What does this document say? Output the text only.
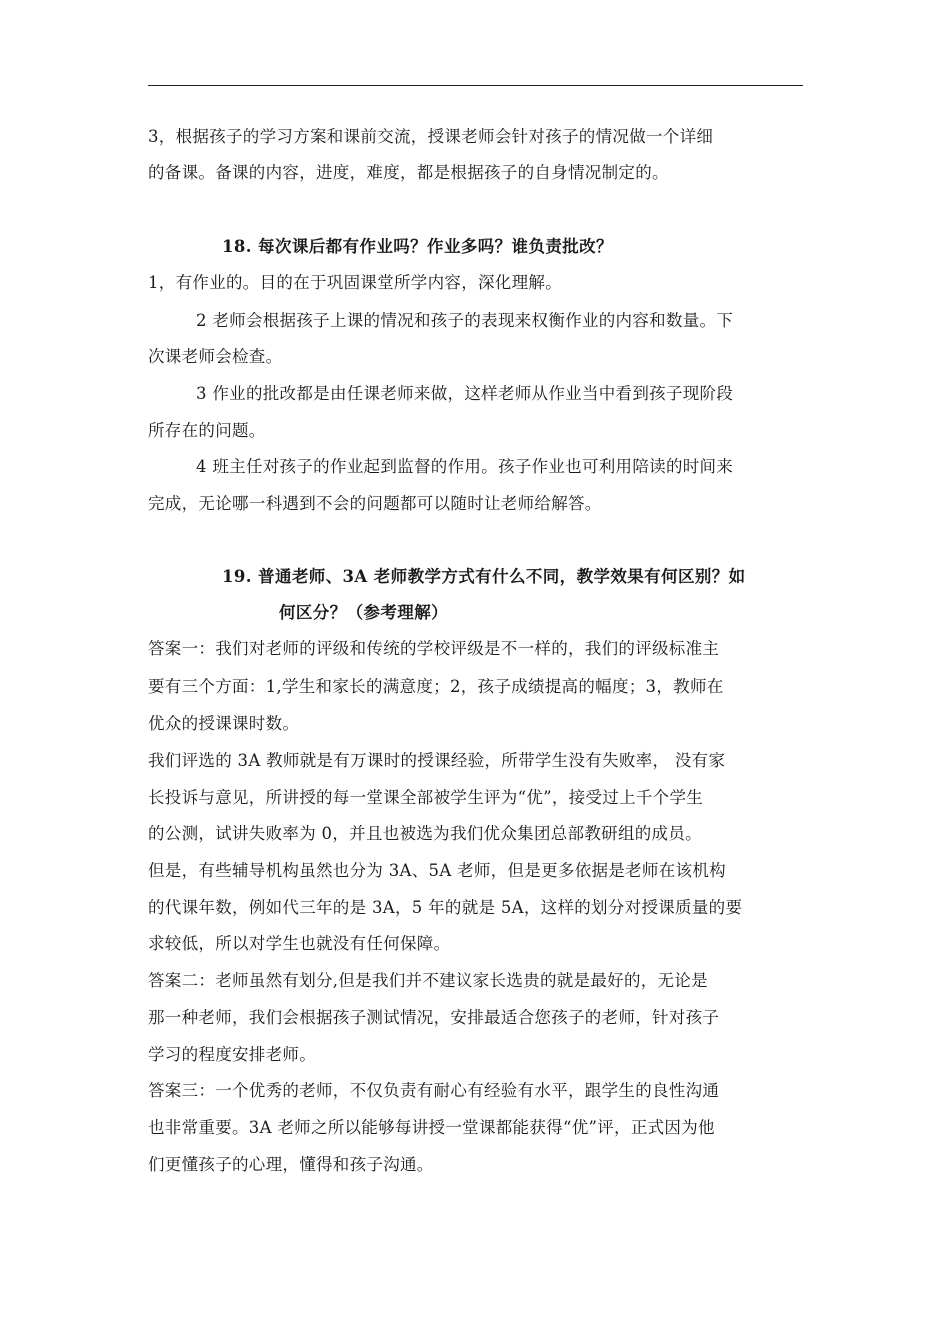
3，根据孩子的学习方案和课前交流，授课老师会针对孩子的情况做一个详细
的备课。备课的内容，进度，难度，都是根据孩子的自身情况制定的。
18. 每次课后都有作业吗？作业多吗？谁负责批改？
1，有作业的。目的在于巩固课堂所学内容，深化理解。
2 老师会根据孩子上课的情况和孩子的表现来权衡作业的内容和数量。下
次课老师会检查。
3 作业的批改都是由任课老师来做，这样老师从作业当中看到孩子现阶段
所存在的问题。
4 班主任对孩子的作业起到监督的作用。孩子作业也可利用陪读的时间来
完成，无论哪一科遇到不会的问题都可以随时让老师给解答。
19. 普通老师、3A 老师教学方式有什么不同，教学效果有何区别？如
何区分？（参考理解）
答案一：我们对老师的评级和传统的学校评级是不一样的，我们的评级标准主
要有三个方面：1,学生和家长的满意度；2，孩子成绩提高的幅度；3，教师在
优众的授课课时数。
我们评选的 3A 教师就是有万课时的授课经验，所带学生没有失败率， 没有家
长投诉与意见，所讲授的每一堂课全部被学生评为“优”，接受过上千个学生
的公测，试讲失败率为 0，并且也被选为我们优众集团总部教研组的成员。
但是，有些辅导机构虽然也分为 3A、5A 老师，但是更多依据是老师在该机构
的代课年数，例如代三年的是 3A，5 年的就是 5A，这样的划分对授课质量的要
求较低，所以对学生也就没有任何保障。
答案二：老师虽然有划分,但是我们并不建议家长选贵的就是最好的，无论是
那一种老师，我们会根据孩子测试情况，安排最适合您孩子的老师，针对孩子
学习的程度安排老师。
答案三：一个优秀的老师，不仅负责有耐心有经验有水平，跟学生的良性沟通
也非常重要。3A 老师之所以能够每讲授一堂课都能获得“优”评，正式因为他
们更懂孩子的心理，懂得和孩子沟通。
